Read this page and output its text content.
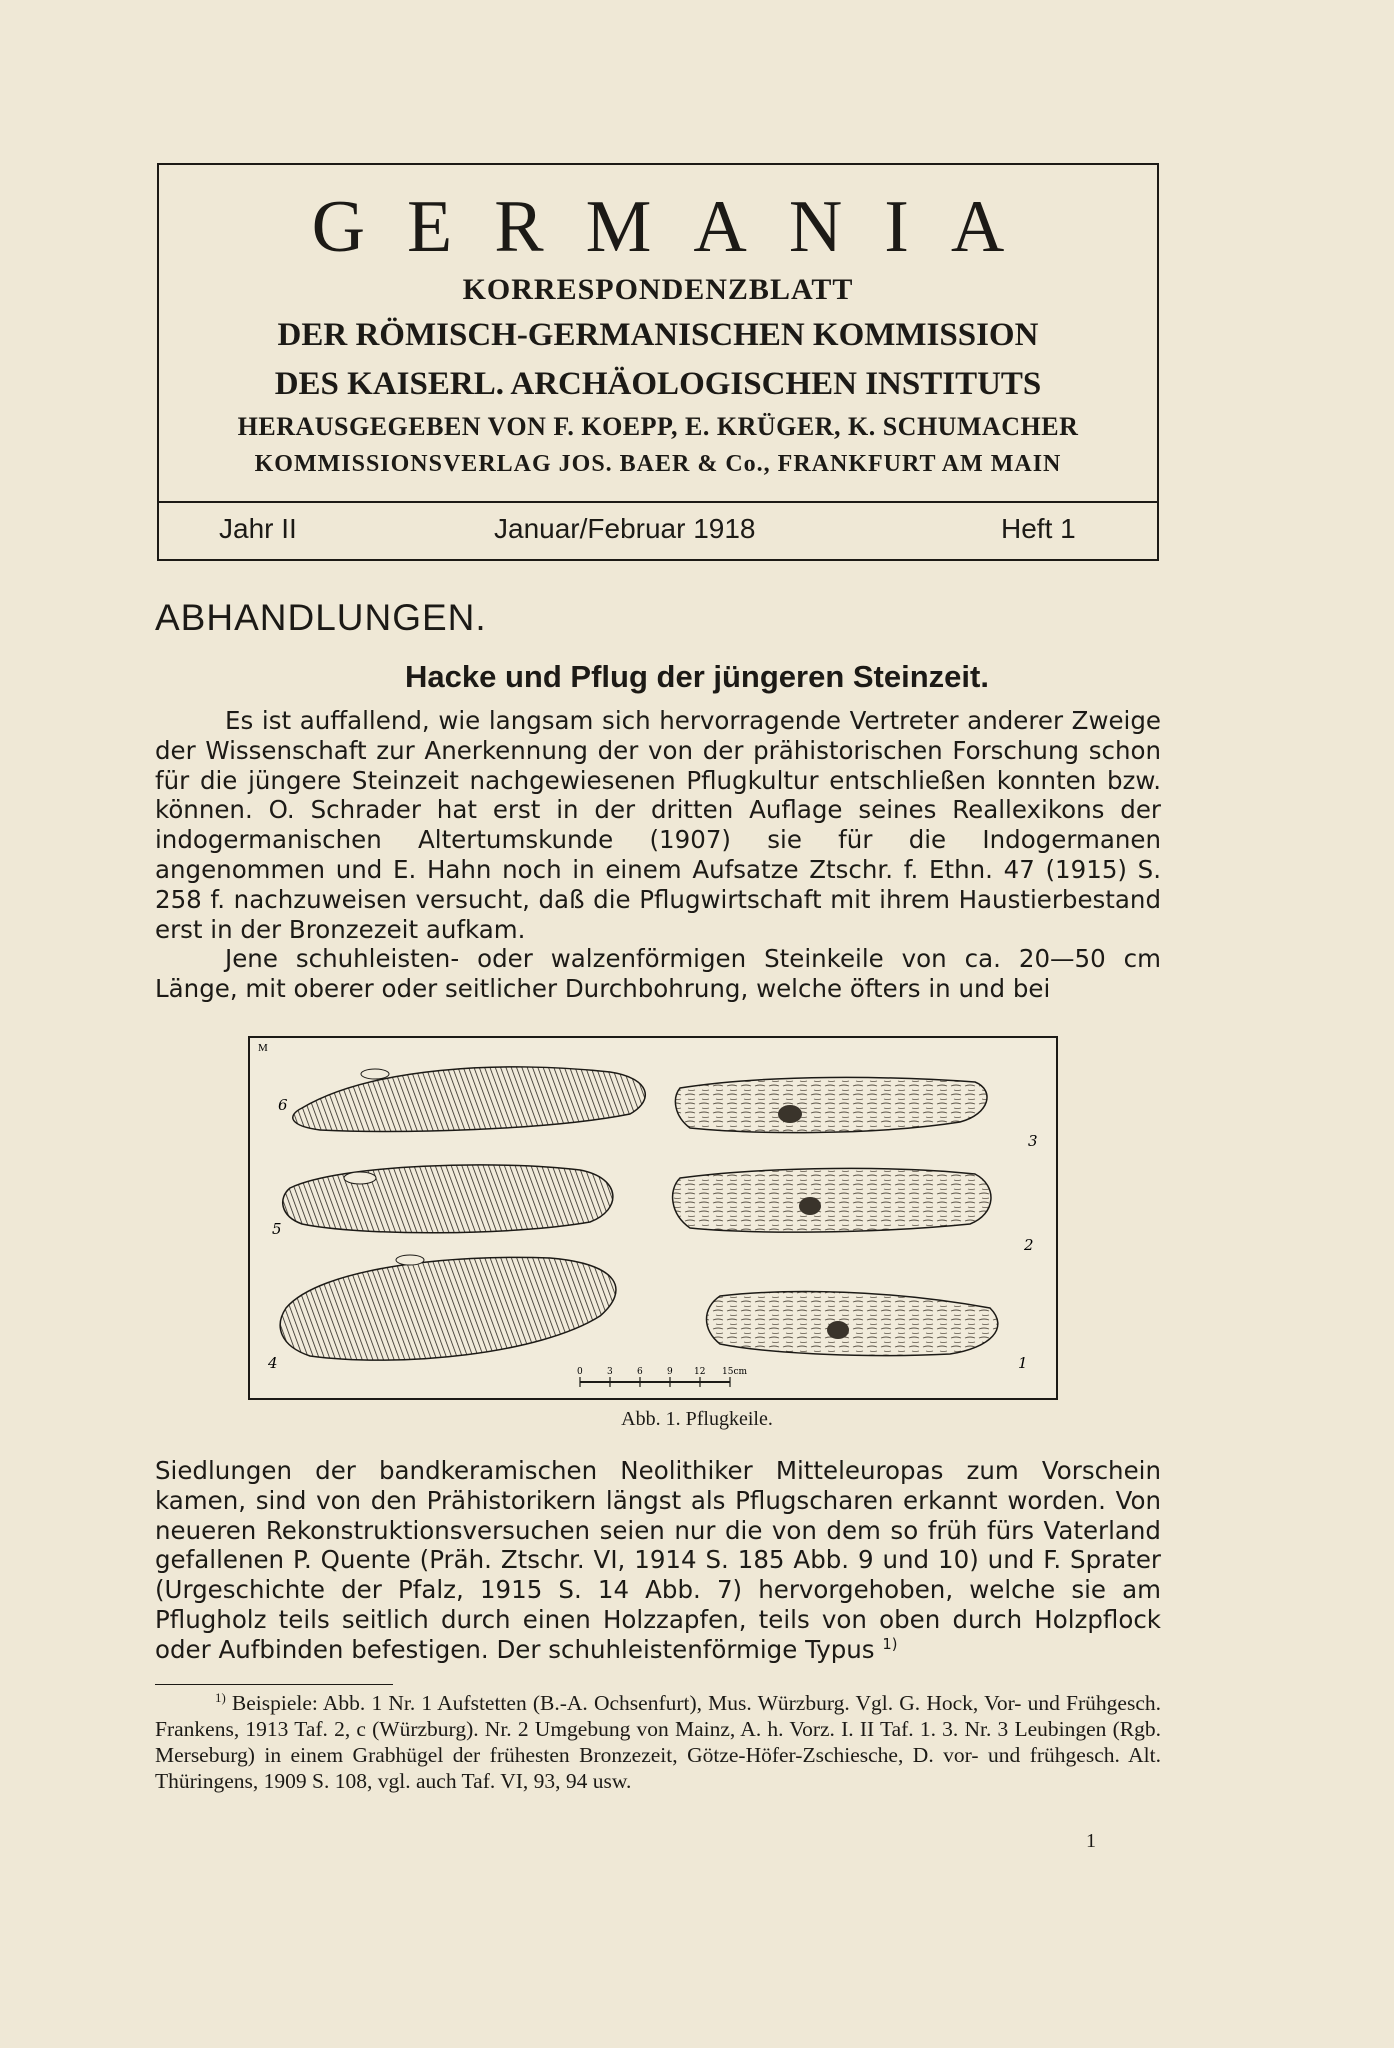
GERMANIA
KORRESPONDENZBLATT
DER RÖMISCH-GERMANISCHEN KOMMISSION
DES KAISERL. ARCHÄOLOGISCHEN INSTITUTS
HERAUSGEGEBEN VON F. KOEPP, E. KRÜGER, K. SCHUMACHER
KOMMISSIONSVERLAG JOS. BAER & Co., FRANKFURT AM MAIN
Jahr II	Januar/Februar 1918	Heft 1
ABHANDLUNGEN.
Hacke und Pflug der jüngeren Steinzeit.
Es ist auffallend, wie langsam sich hervorragende Vertreter anderer Zweige der Wissenschaft zur Anerkennung der von der prähistorischen Forschung schon für die jüngere Steinzeit nachgewiesenen Pflugkultur entschließen konnten bzw. können. O. Schrader hat erst in der dritten Auflage seines Reallexikons der indogermanischen Altertumskunde (1907) sie für die Indogermanen angenommen und E. Hahn noch in einem Aufsatze Ztschr. f. Ethn. 47 (1915) S. 258 f. nachzuweisen versucht, daß die Pflugwirtschaft mit ihrem Haustierbestand erst in der Bronzezeit aufkam.
Jene schuhleisten- oder walzenförmigen Steinkeile von ca. 20—50 cm Länge, mit oberer oder seitlicher Durchbohrung, welche öfters in und bei
M
6
3
5
2
4	1
0	3	6	9 12 15cm
Abb. 1. Pflugkeile.
Siedlungen der bandkeramischen Neolithiker Mitteleuropas zum Vorschein kamen, sind von den Prähistorikern längst als Pflugscharen erkannt worden. Von neueren Rekonstruktionsversuchen seien nur die von dem so früh fürs Vaterland gefallenen P. Quente (Präh. Ztschr. VI, 1914 S. 185 Abb. 9 und 10) und F. Sprater (Urgeschichte der Pfalz, 1915 S. 14 Abb. 7) hervorgehoben, welche sie am Pflugholz teils seitlich durch einen Holzzapfen, teils von oben durch Holzpflock oder Aufbinden befestigen. Der schuhleistenförmige Typus $^{1)}$
$^{1)}$ Beispiele: Abb. 1 Nr. 1 Aufstetten (B.-A. Ochsenfurt), Mus. Würzburg. Vgl. G. Hock, Vor- und Frühgesch. Frankens, 1913 Taf. 2, c (Würzburg). Nr. 2 Umgebung von Mainz, A. h. Vorz. I. II Taf. 1. 3. Nr. 3 Leubingen (Rgb. Merseburg) in einem Grabhügel der frühesten Bronzezeit, Götze-Höfer-Zschiesche, D. vor- und frühgesch. Alt. Thüringens, 1909 S. 108, vgl. auch Taf. VI, 93, 94 usw.
1
